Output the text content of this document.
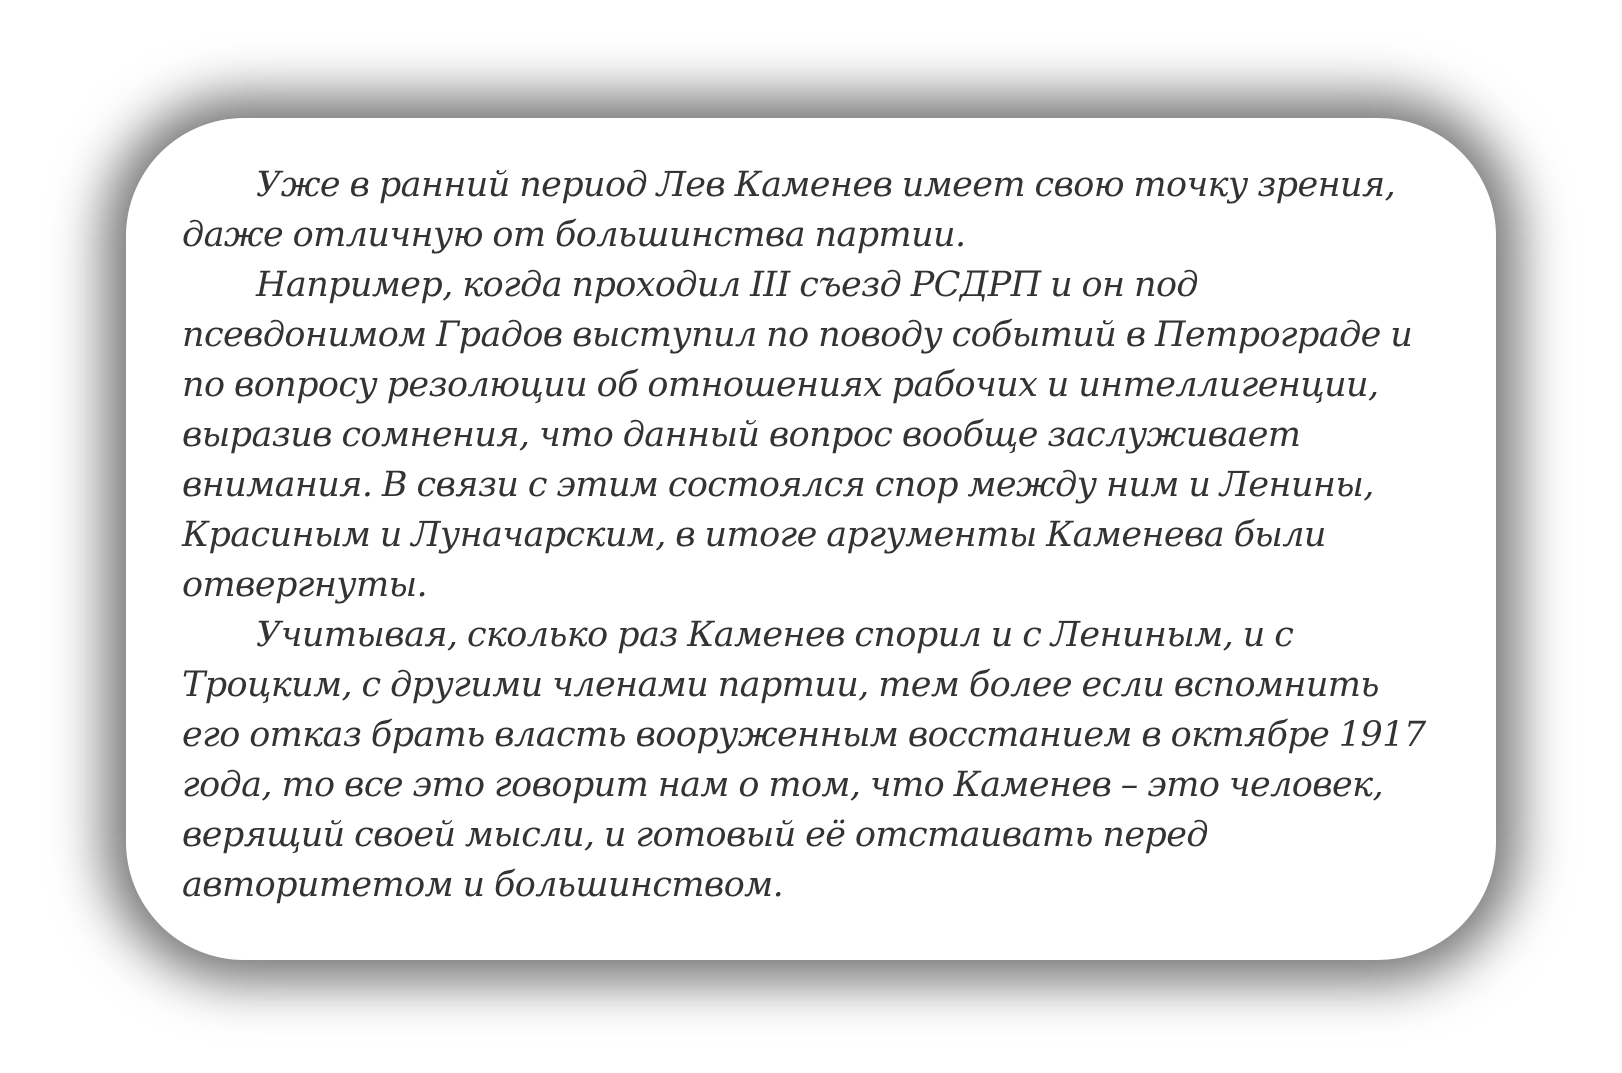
Уже в ранний период Лев Каменев имеет свою точку зрения,
даже отличную от большинства партии.

Например, когда проходил III съезд РСДРП и он под
псевдонимом Градов выступил по поводу событий в Петрограде и
по вопросу резолюции об отношениях рабочих и интеллигенции,
выразив сомнения, что данный вопрос вообще заслуживает
внимания. В связи с этим состоялся спор между ним и Ленины,
Красиным и Луначарским, в итоге аргументы Каменева были
отвергнуты.

Учитывая, сколько раз Каменев спорил и с Лениным, и с
Троцким, с другими членами партии, тем более если вспомнить
его отказ брать власть вооруженным восстанием в октябре 1917
года, то все это говорит нам о том, что Каменев – это человек,
верящий своей мысли, и готовый её отстаивать перед
авторитетом и большинством.
